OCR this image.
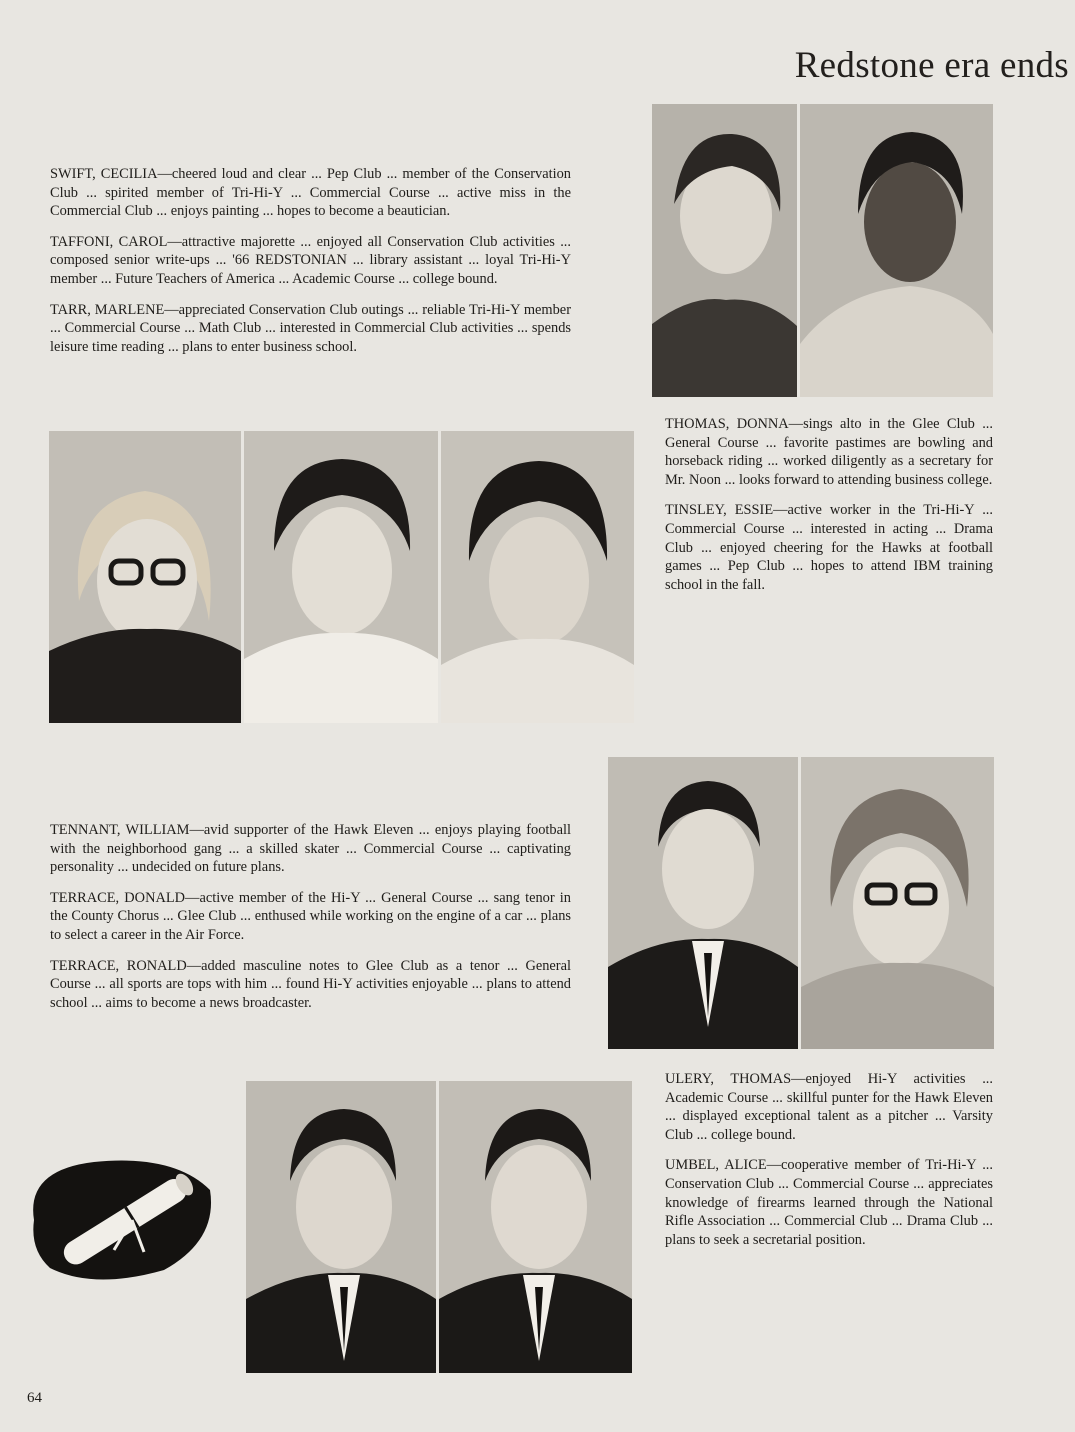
Redstone era ends

SWIFT, CECILIA—cheered loud and clear ... Pep Club ... member of the Conservation Club ... spirited member of Tri-Hi-Y ... Commercial Course ... active miss in the Commercial Club ... enjoys painting ... hopes to become a beautician.

TAFFONI, CAROL—attractive majorette ... enjoyed all Conservation Club activities ... composed senior write-ups ... '66 REDSTONIAN ... library assistant ... loyal Tri-Hi-Y member ... Future Teachers of America ... Academic Course ... college bound.

TARR, MARLENE—appreciated Conservation Club outings ... reliable Tri-Hi-Y member ... Commercial Course ... Math Club ... interested in Commercial Club activities ... spends leisure time reading ... plans to enter business school.

THOMAS, DONNA—sings alto in the Glee Club ... General Course ... favorite pastimes are bowling and horseback riding ... worked diligently as a secretary for Mr. Noon ... looks forward to attending business college.

TINSLEY, ESSIE—active worker in the Tri-Hi-Y ... Commercial Course ... interested in acting ... Drama Club ... enjoyed cheering for the Hawks at football games ... Pep Club ... hopes to attend IBM training school in the fall.

TENNANT, WILLIAM—avid supporter of the Hawk Eleven ... enjoys playing football with the neighborhood gang ... a skilled skater ... Commercial Course ... captivating personality ... undecided on future plans.

TERRACE, DONALD—active member of the Hi-Y ... General Course ... sang tenor in the County Chorus ... Glee Club ... enthused while working on the engine of a car ... plans to select a career in the Air Force.

TERRACE, RONALD—added masculine notes to Glee Club as a tenor ... General Course ... all sports are tops with him ... found Hi-Y activities enjoyable ... plans to attend school ... aims to become a news broadcaster.

ULERY, THOMAS—enjoyed Hi-Y activities ... Academic Course ... skillful punter for the Hawk Eleven ... displayed exceptional talent as a pitcher ... Varsity Club ... college bound.

UMBEL, ALICE—cooperative member of Tri-Hi-Y ... Conservation Club ... Commercial Course ... appreciates knowledge of firearms learned through the National Rifle Association ... Commercial Club ... Drama Club ... plans to seek a secretarial position.

64
